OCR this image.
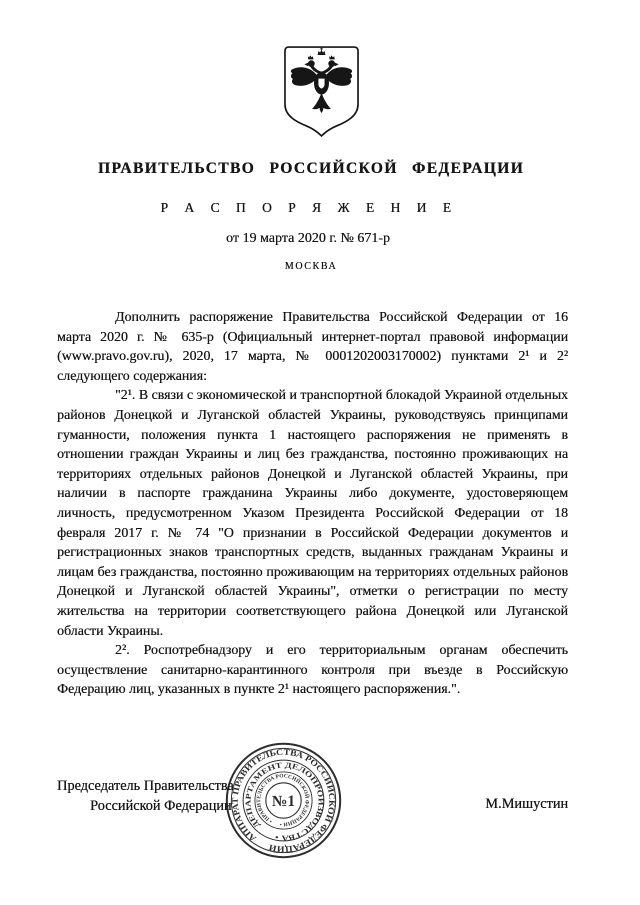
ПРАВИТЕЛЬСТВО РОССИЙСКОЙ ФЕДЕРАЦИИ
Р А С П О Р Я Ж Е Н И Е
от 19 марта 2020 г. № 671-р
МОСКВА

Дополнить распоряжение Правительства Российской Федерации от 16 марта 2020 г. № 635-р (Официальный интернет-портал правовой информации (www.pravo.gov.ru), 2020, 17 марта, № 0001202003170002) пунктами 2¹ и 2² следующего содержания:

"2¹. В связи с экономической и транспортной блокадой Украиной отдельных районов Донецкой и Луганской областей Украины, руководствуясь принципами гуманности, положения пункта 1 настоящего распоряжения не применять в отношении граждан Украины и лиц без гражданства, постоянно проживающих на территориях отдельных районов Донецкой и Луганской областей Украины, при наличии в паспорте гражданина Украины либо документе, удостоверяющем личность, предусмотренном Указом Президента Российской Федерации от 18 февраля 2017 г. № 74 "О признании в Российской Федерации документов и регистрационных знаков транспортных средств, выданных гражданам Украины и лицам без гражданства, постоянно проживающим на территориях отдельных районов Донецкой и Луганской областей Украины", отметки о регистрации по месту жительства на территории соответствующего района Донецкой или Луганской области Украины.

2². Роспотребнадзору и его территориальным органам обеспечить осуществление санитарно-карантинного контроля при въезде в Российскую Федерацию лиц, указанных в пункте 2¹ настоящего распоряжения.".

Председатель Правительства
Российской Федерации	М.Мишустин
АППАРАТ ПРАВИТЕЛЬСТВА РОССИЙСКОЙ ФЕДЕРАЦИИ
ДЕПАРТАМЕНТ ДЕЛОПРОИЗВОДСТВА •
• ПРАВИТЕЛЬСТВА РОССИЙСКОЙ ФЕДЕРАЦИИ •
№1
